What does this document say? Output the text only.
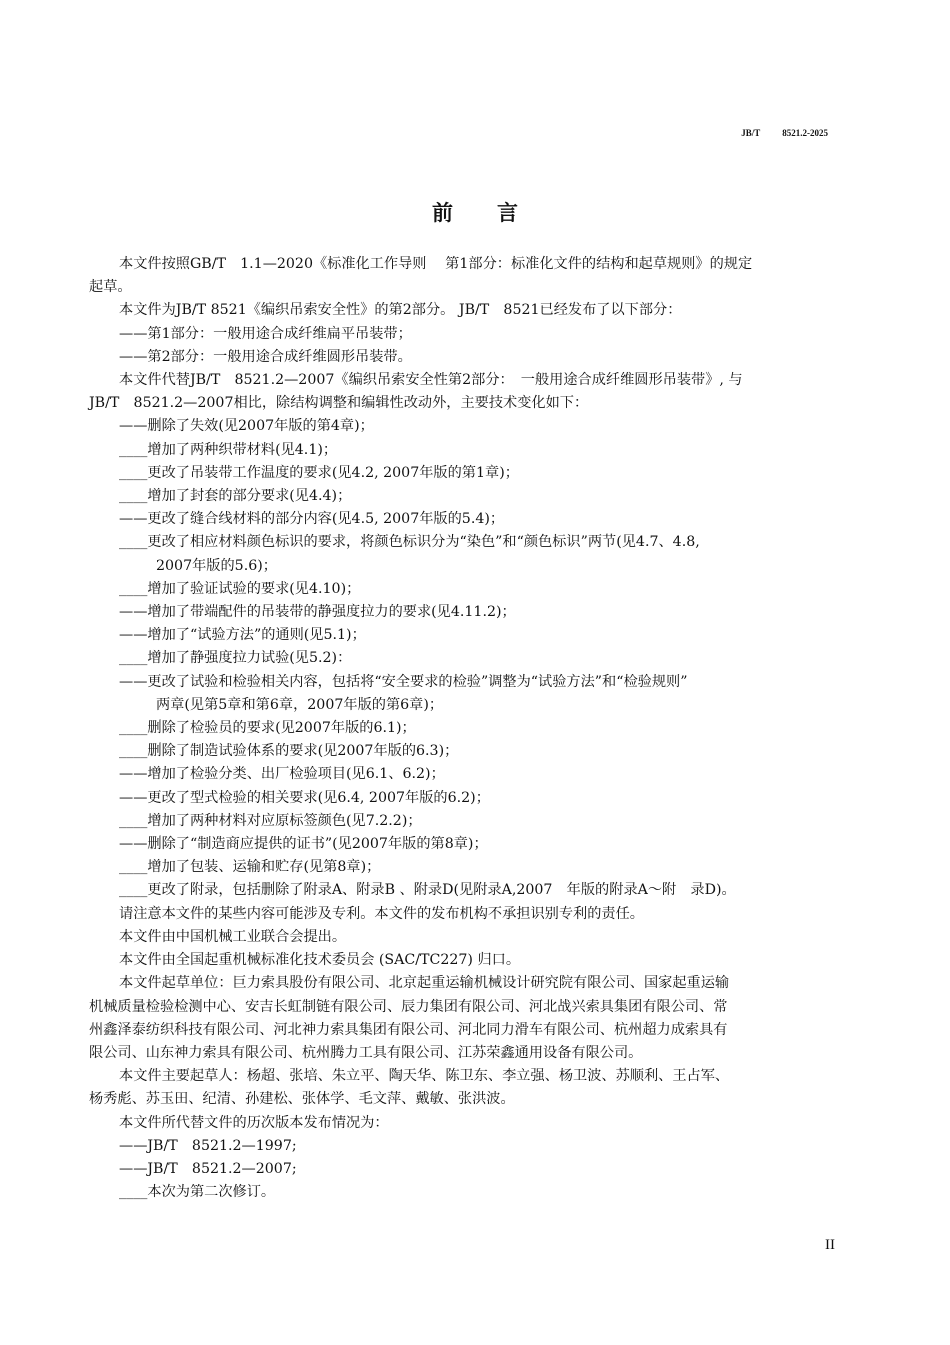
JB/T 8521.2-2025
前 言

本文件按照GB/T　1.1—2020《标准化工作导则　 第1部分：标准化文件的结构和起草规则》的规定

起草。

本文件为JB/T 8521《编织吊索安全性》的第2部分。 JB/T　8521已经发布了以下部分：

——第1部分：一般用途合成纤维扁平吊装带；

——第2部分：一般用途合成纤维圆形吊装带。

本文件代替JB/T　8521.2—2007《编织吊索安全性第2部分：　一般用途合成纤维圆形吊装带》, 与

JB/T　8521.2—2007相比，除结构调整和编辑性改动外，主要技术变化如下：

——删除了失效(见2007年版的第4章)；

____增加了两种织带材料(见4.1)；

____更改了吊装带工作温度的要求(见4.2, 2007年版的第1章)；

____增加了封套的部分要求(见4.4)；

——更改了缝合线材料的部分内容(见4.5, 2007年版的5.4)；

____更改了相应材料颜色标识的要求，将颜色标识分为“染色”和“颜色标识”两节(见4.7、4.8,

2007年版的5.6)；

____增加了验证试验的要求(见4.10)；

——增加了带端配件的吊装带的静强度拉力的要求(见4.11.2)；

——增加了“试验方法”的通则(见5.1)；

____增加了静强度拉力试验(见5.2)：

——更改了试验和检验相关内容，包括将“安全要求的检验”调整为“试验方法”和“检验规则”

两章(见第5章和第6章，2007年版的第6章)；

____删除了检验员的要求(见2007年版的6.1)；

____删除了制造试验体系的要求(见2007年版的6.3)；

——增加了检验分类、出厂检验项目(见6.1、6.2)；

——更改了型式检验的相关要求(见6.4, 2007年版的6.2)；

____增加了两种材料对应原标签颜色(见7.2.2)；

——删除了“制造商应提供的证书”(见2007年版的第8章)；

____增加了包装、运输和贮存(见第8章)；

____更改了附录，包括删除了附录A、附录B 、附录D(见附录A,2007　年版的附录A～附　录D)。

请注意本文件的某些内容可能涉及专利。本文件的发布机构不承担识别专利的责任。

本文件由中国机械工业联合会提出。

本文件由全国起重机械标准化技术委员会 (SAC/TC227) 归口。

本文件起草单位：巨力索具股份有限公司、北京起重运输机械设计研究院有限公司、国家起重运输

机械质量检验检测中心、安吉长虹制链有限公司、辰力集团有限公司、河北战兴索具集团有限公司、常

州鑫泽泰纺织科技有限公司、河北神力索具集团有限公司、河北同力滑车有限公司、杭州超力成索具有

限公司、山东神力索具有限公司、杭州腾力工具有限公司、江苏荣鑫通用设备有限公司。

本文件主要起草人：杨超、张培、朱立平、陶天华、陈卫东、李立强、杨卫波、苏顺利、王占军、

杨秀彪、苏玉田、纪清、孙建松、张体学、毛文萍、戴敏、张洪波。

本文件所代替文件的历次版本发布情况为：

——JB/T　8521.2—1997;

——JB/T　8521.2—2007;

____本次为第二次修订。

II
